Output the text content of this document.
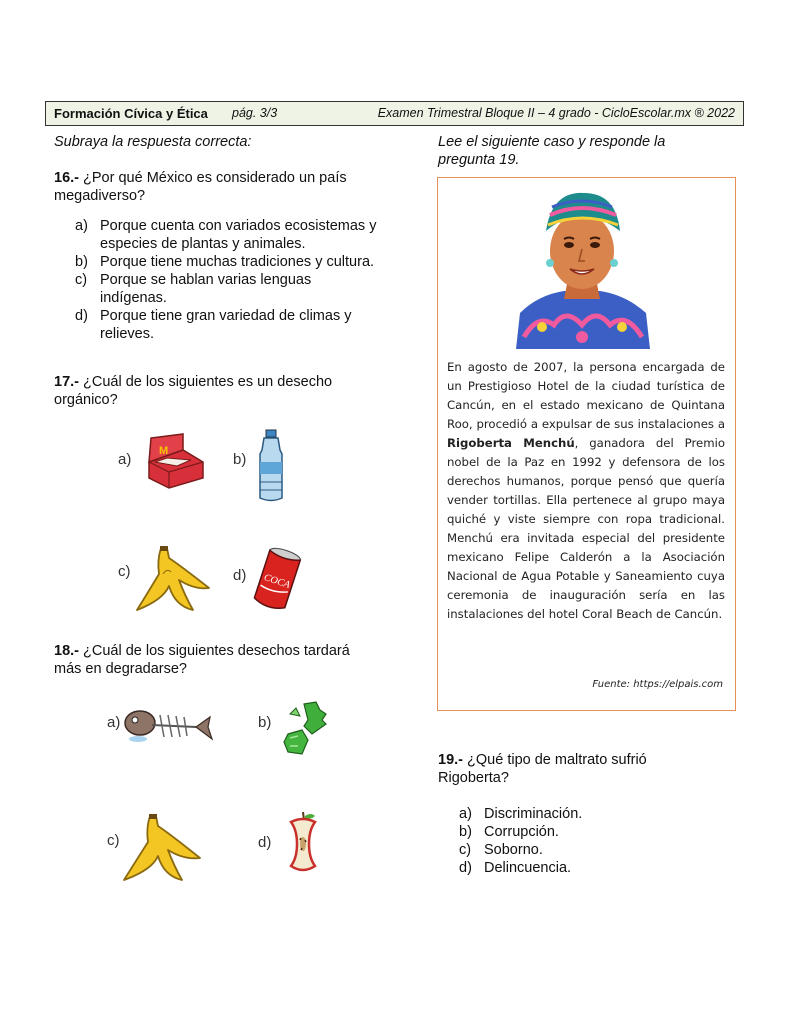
Formación Cívica y Ética pág. 3/3	Examen Trimestral Bloque II – 4 grado - CicloEscolar.mx ® 2022
Subraya la respuesta correcta:
16.- ¿Por qué México es considerado un país
megadiverso?
a) Porque cuenta con variados ecosistemas y
especies de plantas y animales.
b) Porque tiene muchas tradiciones y cultura.
c) Porque se hablan varias lenguas
indígenas.
d) Porque tiene gran variedad de climas y
relieves.
17.- ¿Cuál de los siguientes es un desecho
orgánico?
a)	M	b)
c)	d) COCA
18.- ¿Cuál de los siguientes desechos tardará
más en degradarse?
a)	b)
c)	d)
Lee el siguiente caso y responde la
pregunta 19.
En agosto de 2007, la persona encargada de un Prestigioso Hotel de la ciudad turística de Cancún, en el estado mexicano de Quintana Roo, procedió a expulsar de sus instalaciones a Rigoberta Menchú, ganadora del Premio nobel de la Paz en 1992 y defensora de los derechos humanos, porque pensó que quería vender tortillas. Ella pertenece al grupo maya quiché y viste siempre con ropa tradicional. Menchú era invitada especial del presidente mexicano Felipe Calderón a la Asociación Nacional de Agua Potable y Saneamiento cuya ceremonia de inauguración sería en las instalaciones del hotel Coral Beach de Cancún.
Fuente: https://elpais.com
19.- ¿Qué tipo de maltrato sufrió
Rigoberta?
a) Discriminación.
b) Corrupción.
c) Soborno.
d) Delincuencia.
